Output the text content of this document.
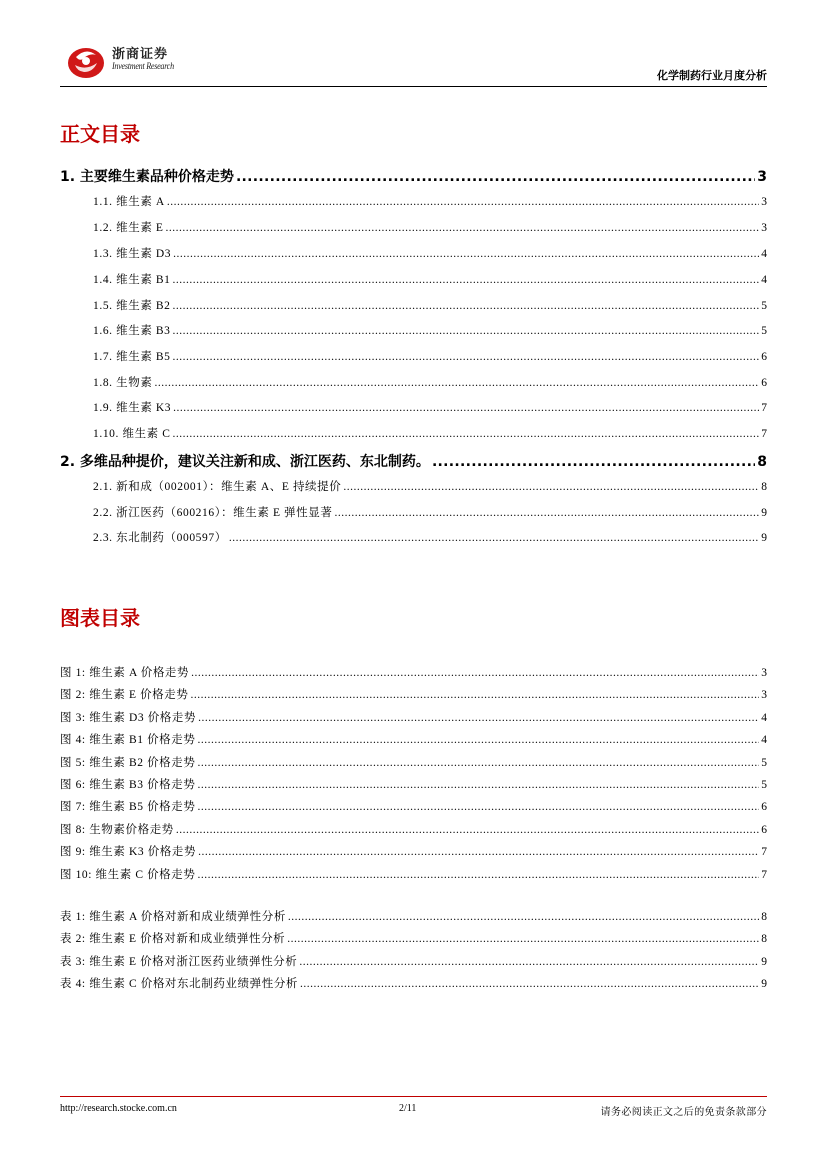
浙商证券
Investment Research
化学制药行业月度分析
正文目录
1. 主要维生素品种价格走势 .....	3
1.1. 维生素 A .....	3
1.2. 维生素 E .....	3
1.3. 维生素 D3 .....	4
1.4. 维生素 B1 .....	4
1.5. 维生素 B2 .....	5
1.6. 维生素 B3 .....	5
1.7. 维生素 B5 .....	6
1.8. 生物素 .....	6
1.9. 维生素 K3 .....	7
1.10. 维生素 C .....	7
2. 多维品种提价，建议关注新和成、浙江医药、东北制药。 .....	8
2.1. 新和成（002001）：维生素 A、E 持续提价 .....	8
2.2. 浙江医药（600216）：维生素 E 弹性显著 .....	9
2.3. 东北制药（000597） .....	9
图表目录
图 1: 维生素 A 价格走势 .....	3
图 2: 维生素 E 价格走势 .....	3
图 3: 维生素 D3 价格走势 .....	4
图 4: 维生素 B1 价格走势 .....	4
图 5: 维生素 B2 价格走势 .....	5
图 6: 维生素 B3 价格走势 .....	5
图 7: 维生素 B5 价格走势 .....	6
图 8: 生物素价格走势 .....	6
图 9: 维生素 K3 价格走势 .....	7
图 10: 维生素 C 价格走势 .....	7
表 1: 维生素 A 价格对新和成业绩弹性分析 .....	8
表 2: 维生素 E 价格对新和成业绩弹性分析 .....	8
表 3: 维生素 E 价格对浙江医药业绩弹性分析 .....	9
表 4: 维生素 C 价格对东北制药业绩弹性分析 .....	9
http://research.stocke.com.cn	2/11	请务必阅读正文之后的免责条款部分
